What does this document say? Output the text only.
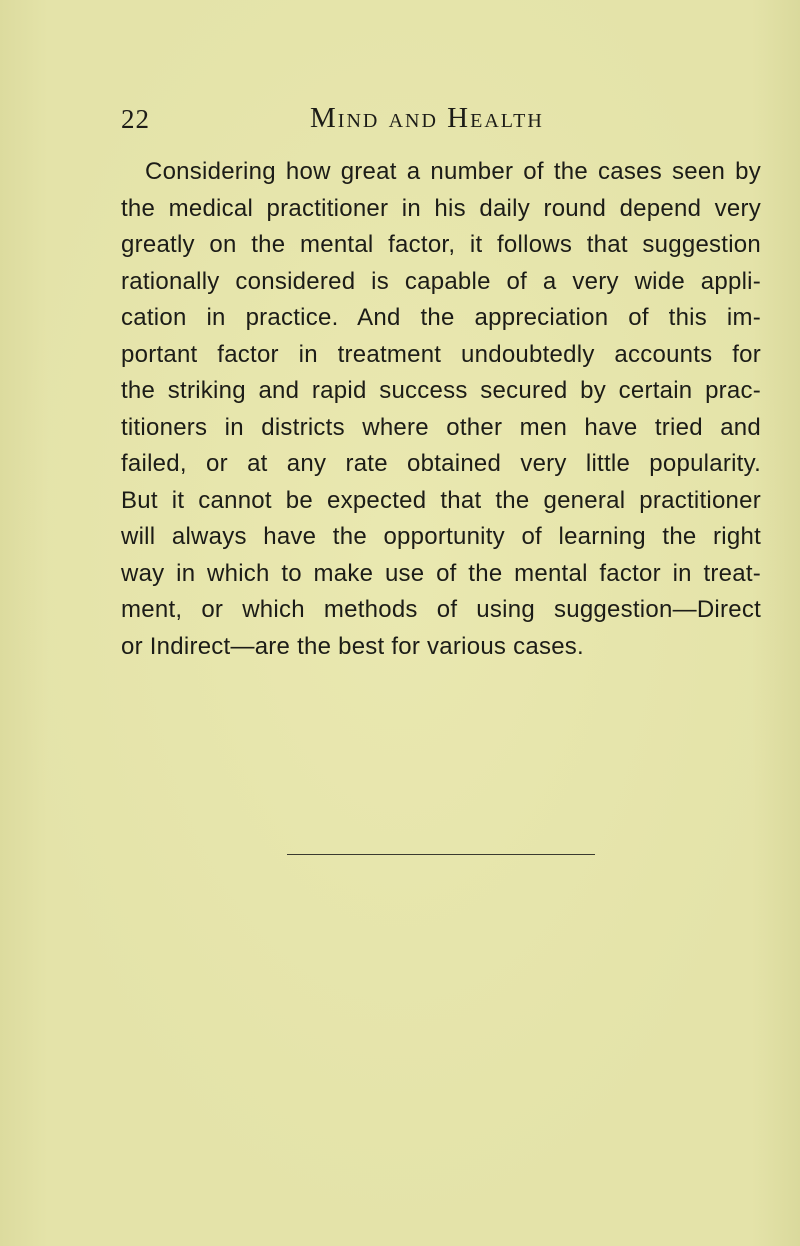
22	Mind and Health
Considering how great a number of the cases seen by
the medical practitioner in his daily round depend very
greatly on the mental factor, it follows that suggestion
rationally considered is capable of a very wide appli-
cation in practice. And the appreciation of this im-
portant factor in treatment undoubtedly accounts for
the striking and rapid success secured by certain prac-
titioners in districts where other men have tried and
failed, or at any rate obtained very little popularity.
But it cannot be expected that the general practitioner
will always have the opportunity of learning the right
way in which to make use of the mental factor in treat-
ment, or which methods of using suggestion—Direct
or Indirect—are the best for various cases.
